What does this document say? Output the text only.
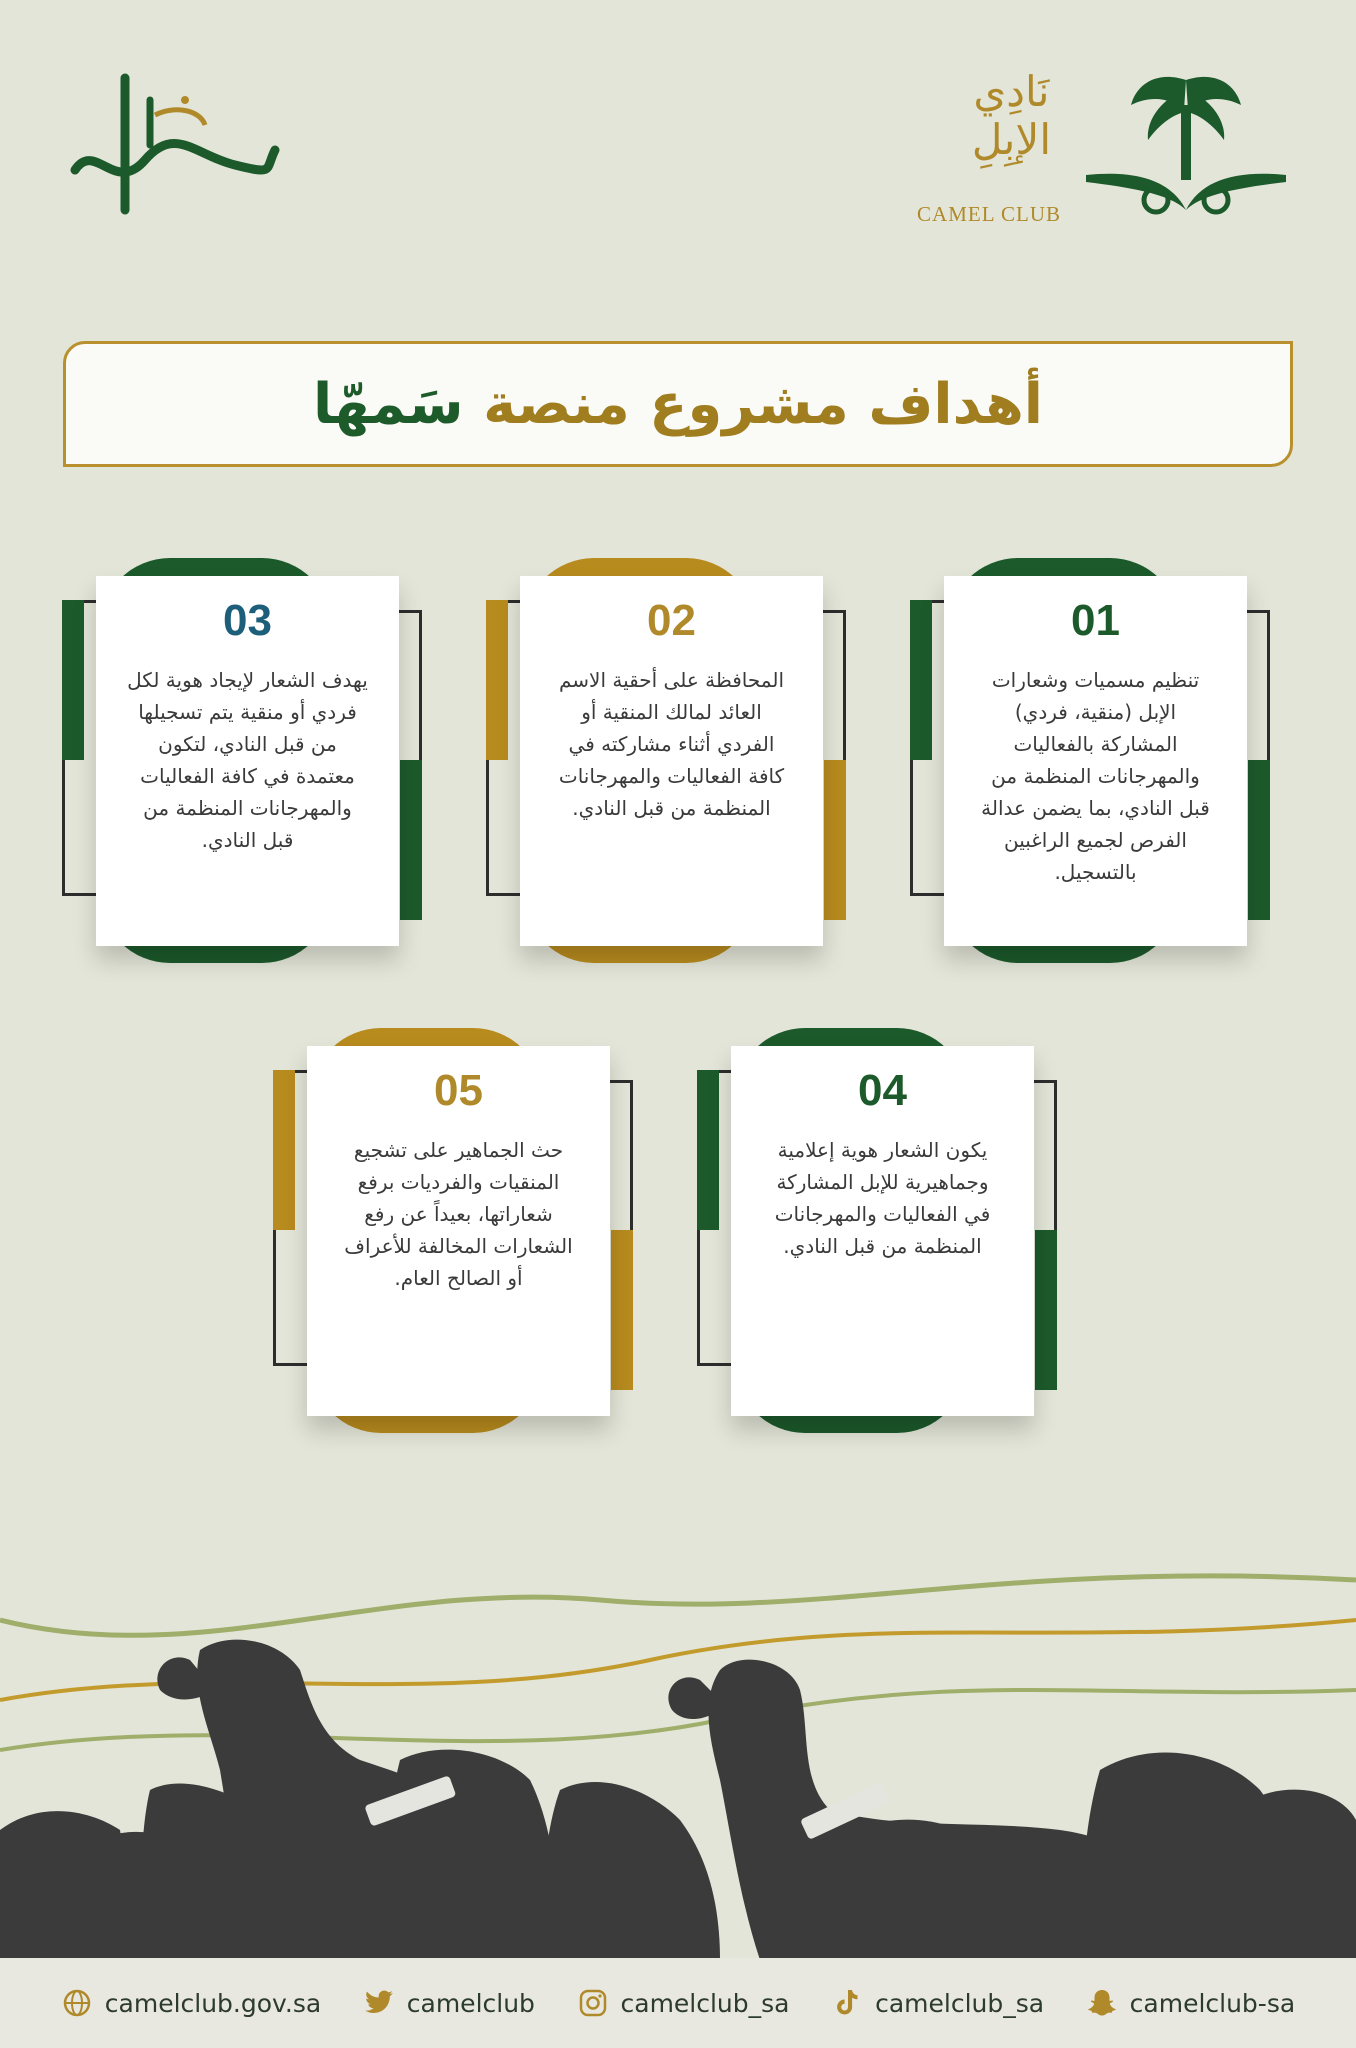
نَادِي
الإبِلِ
CAMEL CLUB
أهداف مشروع منصة سَمهّا
03
يهدف الشعار لإيجاد هوية لكل فردي أو منقية يتم تسجيلها من قبل النادي، لتكون معتمدة في كافة الفعاليات والمهرجانات المنظمة من قبل النادي.
02
المحافظة على أحقية الاسم العائد لمالك المنقية أو الفردي أثناء مشاركته في كافة الفعاليات والمهرجانات المنظمة من قبل النادي.
01
تنظيم مسميات وشعارات الإبل (منقية، فردي) المشاركة بالفعاليات والمهرجانات المنظمة من قبل النادي، بما يضمن عدالة الفرص لجميع الراغبين بالتسجيل.
05
حث الجماهير على تشجيع المنقيات والفرديات برفع شعاراتها، بعيداً عن رفع الشعارات المخالفة للأعراف أو الصالح العام.
04
يكون الشعار هوية إعلامية وجماهيرية للإبل المشاركة في الفعاليات والمهرجانات المنظمة من قبل النادي.
camelclub.gov.sa	camelclub	camelclub_sa	camelclub_sa	camelclub-sa
